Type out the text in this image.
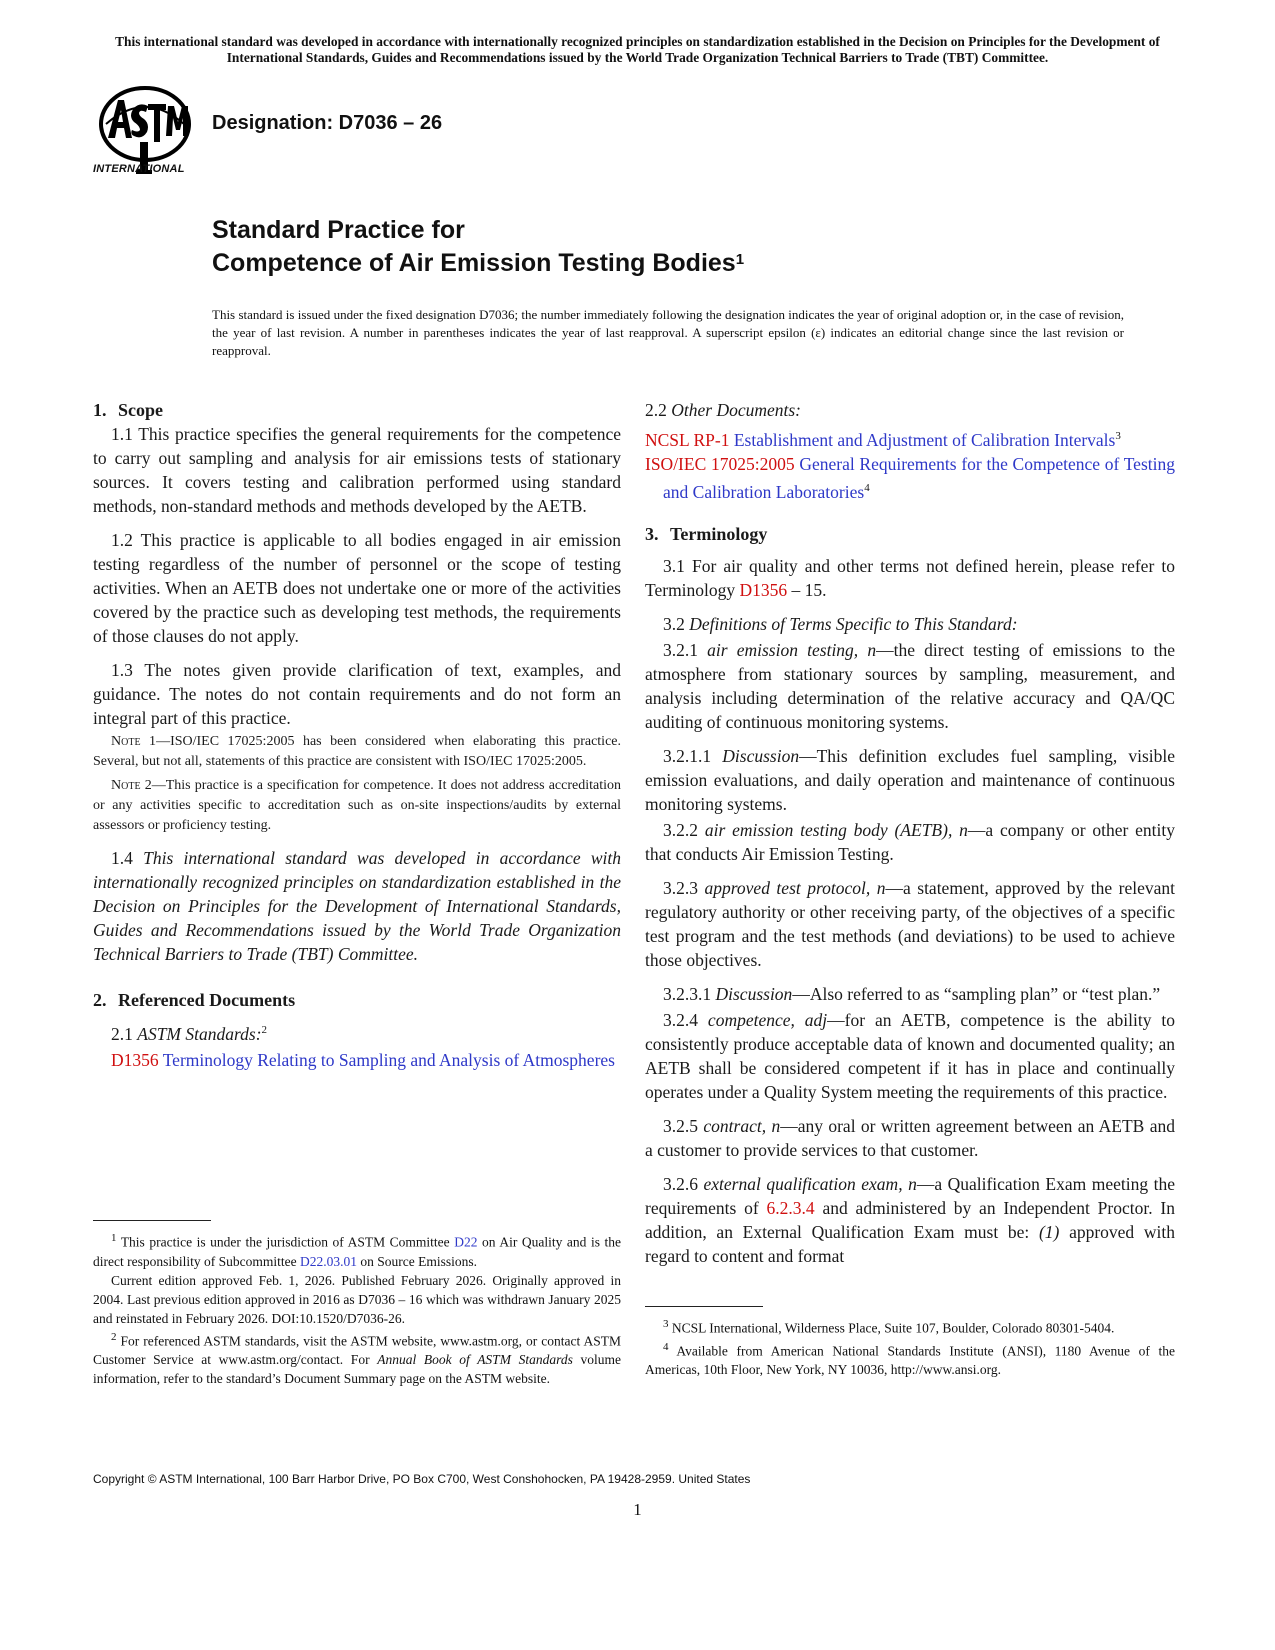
This international standard was developed in accordance with internationally recognized principles on standardization established in the Decision on Principles for the Development of International Standards, Guides and Recommendations issued by the World Trade Organization Technical Barriers to Trade (TBT) Committee.
INTERNATIONAL
Designation: D7036 – 26
Standard Practice for
Competence of Air Emission Testing Bodies$^1$
This standard is issued under the fixed designation D7036; the number immediately following the designation indicates the year of original adoption or, in the case of revision, the year of last revision. A number in parentheses indicates the year of last reapproval. A superscript epsilon (ε) indicates an editorial change since the last revision or reapproval.

1. Scope

1.1 This practice specifies the general requirements for the competence to carry out sampling and analysis for air emissions tests of stationary sources. It covers testing and calibration performed using standard methods, non-standard methods and methods developed by the AETB.

1.2 This practice is applicable to all bodies engaged in air emission testing regardless of the number of personnel or the scope of testing activities. When an AETB does not undertake one or more of the activities covered by the practice such as developing test methods, the requirements of those clauses do not apply.

1.3 The notes given provide clarification of text, examples, and guidance. The notes do not contain requirements and do not form an integral part of this practice.

Note 1—ISO/IEC 17025:2005 has been considered when elaborating this practice. Several, but not all, statements of this practice are consistent with ISO/IEC 17025:2005.

Note 2—This practice is a specification for competence. It does not address accreditation or any activities specific to accreditation such as on-site inspections/audits by external assessors or proficiency testing.

1.4 This international standard was developed in accordance with internationally recognized principles on standardization established in the Decision on Principles for the Development of International Standards, Guides and Recommendations issued by the World Trade Organization Technical Barriers to Trade (TBT) Committee.

2. Referenced Documents

2.1 ASTM Standards:$^2$

D1356 Terminology Relating to Sampling and Analysis of Atmospheres

$^1$ This practice is under the jurisdiction of ASTM Committee D22 on Air Quality and is the direct responsibility of Subcommittee D22.03.01 on Source Emissions.

Current edition approved Feb. 1, 2026. Published February 2026. Originally approved in 2004. Last previous edition approved in 2016 as D7036 – 16 which was withdrawn January 2025 and reinstated in February 2026. DOI:10.1520/D7036-26.

$^2$ For referenced ASTM standards, visit the ASTM website, www.astm.org, or contact ASTM Customer Service at www.astm.org/contact. For Annual Book of ASTM Standards volume information, refer to the standard’s Document Summary page on the ASTM website.

2.2 Other Documents:

NCSL RP-1 Establishment and Adjustment of Calibration Intervals$^3$

ISO/IEC 17025:2005 General Requirements for the Competence of Testing and Calibration Laboratories$^4$

3. Terminology

3.1 For air quality and other terms not defined herein, please refer to Terminology D1356 – 15.

3.2 Definitions of Terms Specific to This Standard:

3.2.1 air emission testing, n—the direct testing of emissions to the atmosphere from stationary sources by sampling, measurement, and analysis including determination of the relative accuracy and QA/QC auditing of continuous monitoring systems.

3.2.1.1 Discussion—This definition excludes fuel sampling, visible emission evaluations, and daily operation and maintenance of continuous monitoring systems.

3.2.2 air emission testing body (AETB), n—a company or other entity that conducts Air Emission Testing.

3.2.3 approved test protocol, n—a statement, approved by the relevant regulatory authority or other receiving party, of the objectives of a specific test program and the test methods (and deviations) to be used to achieve those objectives.

3.2.3.1 Discussion—Also referred to as “sampling plan” or “test plan.”

3.2.4 competence, adj—for an AETB, competence is the ability to consistently produce acceptable data of known and documented quality; an AETB shall be considered competent if it has in place and continually operates under a Quality System meeting the requirements of this practice.

3.2.5 contract, n—any oral or written agreement between an AETB and a customer to provide services to that customer.

3.2.6 external qualification exam, n—a Qualification Exam meeting the requirements of 6.2.3.4 and administered by an Independent Proctor. In addition, an External Qualification Exam must be: (1) approved with regard to content and format

$^3$ NCSL International, Wilderness Place, Suite 107, Boulder, Colorado 80301-5404.

$^4$ Available from American National Standards Institute (ANSI), 1180 Avenue of the Americas, 10th Floor, New York, NY 10036, http://www.ansi.org.

Copyright © ASTM International, 100 Barr Harbor Drive, PO Box C700, West Conshohocken, PA 19428-2959. United States
1
